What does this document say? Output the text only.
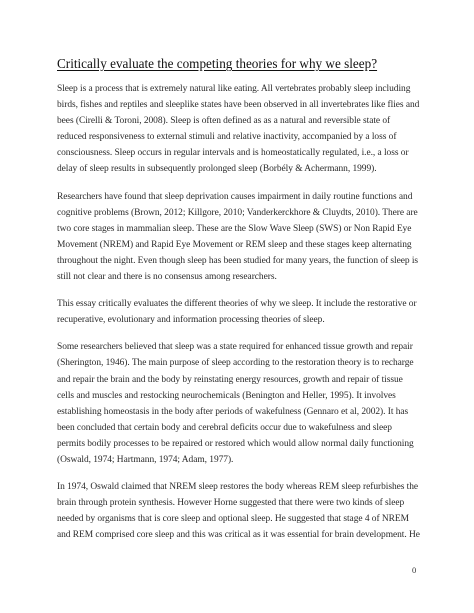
Critically evaluate the competing theories for why we sleep?

Sleep is a process that is extremely natural like eating. All vertebrates probably sleep including
birds, fishes and reptiles and sleeplike states have been observed in all invertebrates like flies and
bees (Cirelli & Toroni, 2008). Sleep is often defined as as a natural and reversible state of
reduced responsiveness to external stimuli and relative inactivity, accompanied by a loss of
consciousness. Sleep occurs in regular intervals and is homeostatically regulated, i.e., a loss or
delay of sleep results in subsequently prolonged sleep (Borbély & Achermann, 1999).

Researchers have found that sleep deprivation causes impairment in daily routine functions and
cognitive problems (Brown, 2012; Killgore, 2010; Vanderkerckhore & Cluydts, 2010). There are
two core stages in mammalian sleep. These are the Slow Wave Sleep (SWS) or Non Rapid Eye
Movement (NREM) and Rapid Eye Movement or REM sleep and these stages keep alternating
throughout the night. Even though sleep has been studied for many years, the function of sleep is
still not clear and there is no consensus among researchers.

This essay critically evaluates the different theories of why we sleep. It include the restorative or
recuperative, evolutionary and information processing theories of sleep.

Some researchers believed that sleep was a state required for enhanced tissue growth and repair
(Sherington, 1946). The main purpose of sleep according to the restoration theory is to recharge
and repair the brain and the body by reinstating energy resources, growth and repair of tissue
cells and muscles and restocking neurochemicals (Benington and Heller, 1995). It involves
establishing homeostasis in the body after periods of wakefulness (Gennaro et al, 2002). It has
been concluded that certain body and cerebral deficits occur due to wakefulness and sleep
permits bodily processes to be repaired or restored which would allow normal daily functioning
(Oswald, 1974; Hartmann, 1974; Adam, 1977).

In 1974, Oswald claimed that NREM sleep restores the body whereas REM sleep refurbishes the
brain through protein synthesis. However Horne suggested that there were two kinds of sleep
needed by organisms that is core sleep and optional sleep. He suggested that stage 4 of NREM
and REM comprised core sleep and this was critical as it was essential for brain development. He

0
